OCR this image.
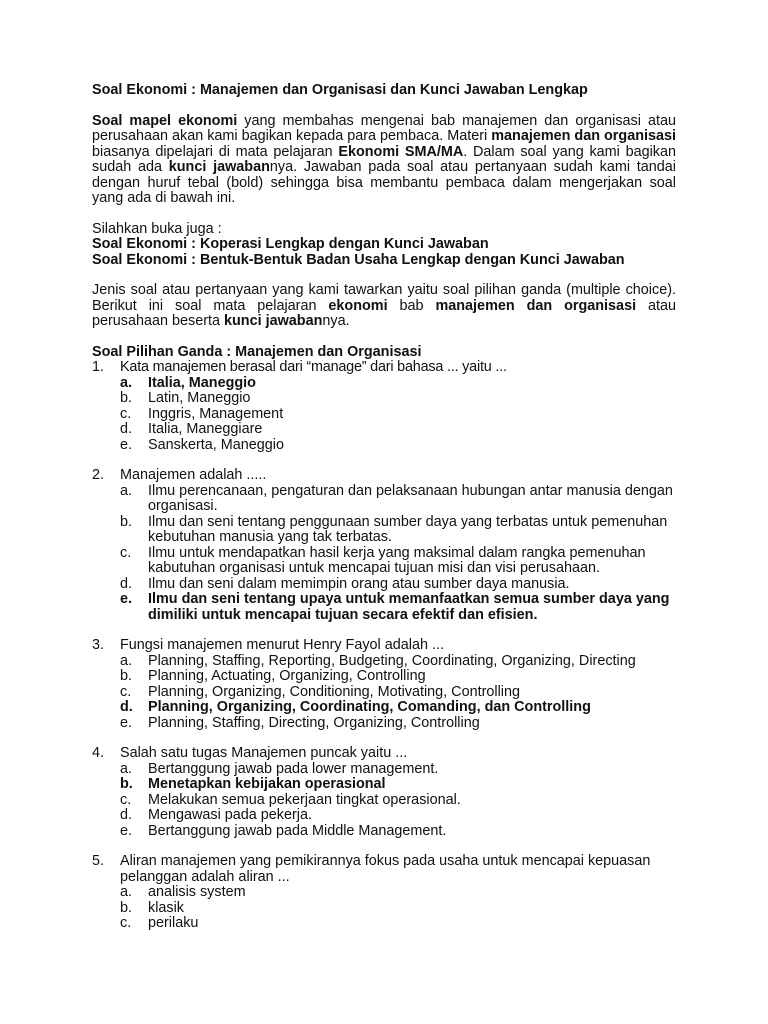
Soal Ekonomi : Manajemen dan Organisasi dan Kunci Jawaban Lengkap
Soal mapel ekonomi yang membahas mengenai bab manajemen dan organisasi atau perusahaan akan kami bagikan kepada para pembaca. Materi manajemen dan organisasi biasanya dipelajari di mata pelajaran Ekonomi SMA/MA. Dalam soal yang kami bagikan sudah ada kunci jawabannya. Jawaban pada soal atau pertanyaan sudah kami tandai dengan huruf tebal (bold) sehingga bisa membantu pembaca dalam mengerjakan soal yang ada di bawah ini.
Silahkan buka juga :
Soal Ekonomi : Koperasi Lengkap dengan Kunci Jawaban
Soal Ekonomi : Bentuk-Bentuk Badan Usaha Lengkap dengan Kunci Jawaban
Jenis soal atau pertanyaan yang kami tawarkan yaitu soal pilihan ganda (multiple choice). Berikut ini soal mata pelajaran ekonomi bab manajemen dan organisasi atau perusahaan beserta kunci jawabannya.
Soal Pilihan Ganda : Manajemen dan Organisasi
1.	Kata manajemen berasal dari “manage” dari bahasa ... yaitu ...
a.	Italia, Maneggio
b.	Latin, Maneggio
c.	Inggris, Management
d.	Italia, Maneggiare
e.	Sanskerta, Maneggio
2.	Manajemen adalah .....
a.	Ilmu perencanaan, pengaturan dan pelaksanaan hubungan antar manusia dengan organisasi.
b.	Ilmu dan seni tentang penggunaan sumber daya yang terbatas untuk pemenuhan kebutuhan manusia yang tak terbatas.
c.	Ilmu untuk mendapatkan hasil kerja yang maksimal dalam rangka pemenuhan kabutuhan organisasi untuk mencapai tujuan misi dan visi perusahaan.
d.	Ilmu dan seni dalam memimpin orang atau sumber daya manusia.
e.	Ilmu dan seni tentang upaya untuk memanfaatkan semua sumber daya yang dimiliki untuk mencapai tujuan secara efektif dan efisien.
3.	Fungsi manajemen menurut Henry Fayol adalah ...
a.	Planning, Staffing, Reporting, Budgeting, Coordinating, Organizing, Directing
b.	Planning, Actuating, Organizing, Controlling
c.	Planning, Organizing, Conditioning, Motivating, Controlling
d.	Planning, Organizing, Coordinating, Comanding, dan Controlling
e.	Planning, Staffing, Directing, Organizing, Controlling
4.	Salah satu tugas Manajemen puncak yaitu ...
a.	Bertanggung jawab pada lower management.
b.	Menetapkan kebijakan operasional
c.	Melakukan semua pekerjaan tingkat operasional.
d.	Mengawasi pada pekerja.
e.	Bertanggung jawab pada Middle Management.
5.	Aliran manajemen yang pemikirannya fokus pada usaha untuk mencapai kepuasan pelanggan adalah aliran ...
a.	analisis system
b.	klasik
c.	perilaku
